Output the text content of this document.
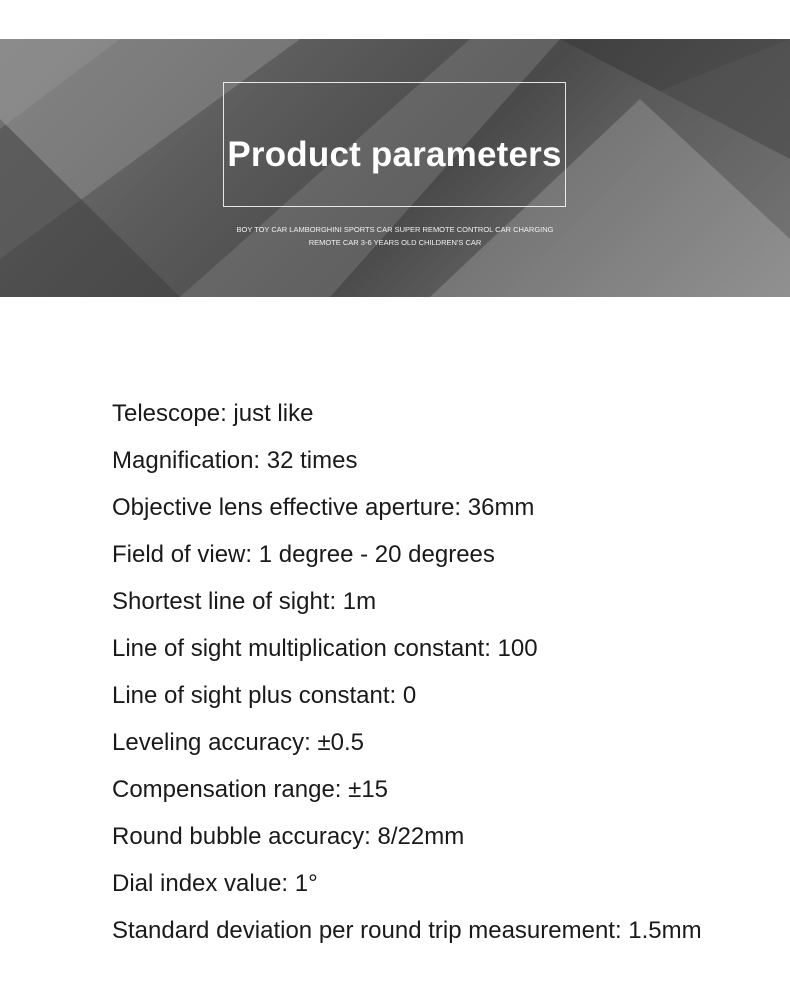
Product parameters

BOY TOY CAR LAMBORGHINI SPORTS CAR SUPER REMOTE CONTROL CAR CHARGING
REMOTE CAR 3-6 YEARS OLD CHILDREN'S CAR

Telescope: just like
Magnification: 32 times
Objective lens effective aperture: 36mm
Field of view: 1 degree - 20 degrees
Shortest line of sight: 1m
Line of sight multiplication constant: 100
Line of sight plus constant: 0
Leveling accuracy: ±0.5
Compensation range: ±15
Round bubble accuracy: 8/22mm
Dial index value: 1°
Standard deviation per round trip measurement: 1.5mm
